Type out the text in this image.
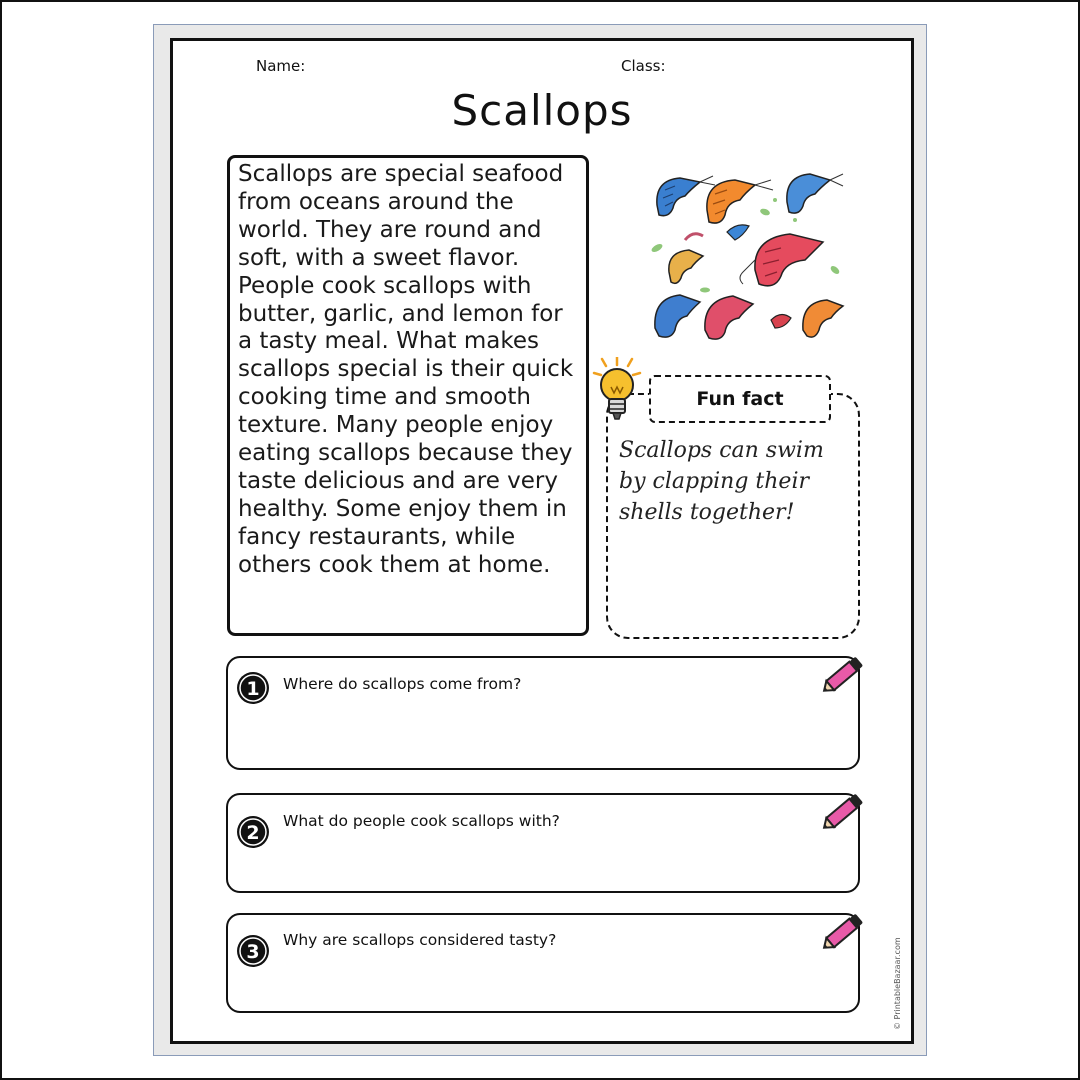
Name:	Class:
Scallops
Scallops are special seafood from oceans around the world. They are round and soft, with a sweet flavor. People cook scallops with butter, garlic, and lemon for a tasty meal. What makes scallops special is their quick cooking time and smooth texture. Many people enjoy eating scallops because they taste delicious and are very healthy. Some enjoy them in fancy restaurants, while others cook them at home.
Fun fact
Scallops can swim by clapping their shells together!
1 Where do scallops come from?
2
What do people cook scallops with?
3
Why are scallops considered tasty?	© PrintableBazaar.com
